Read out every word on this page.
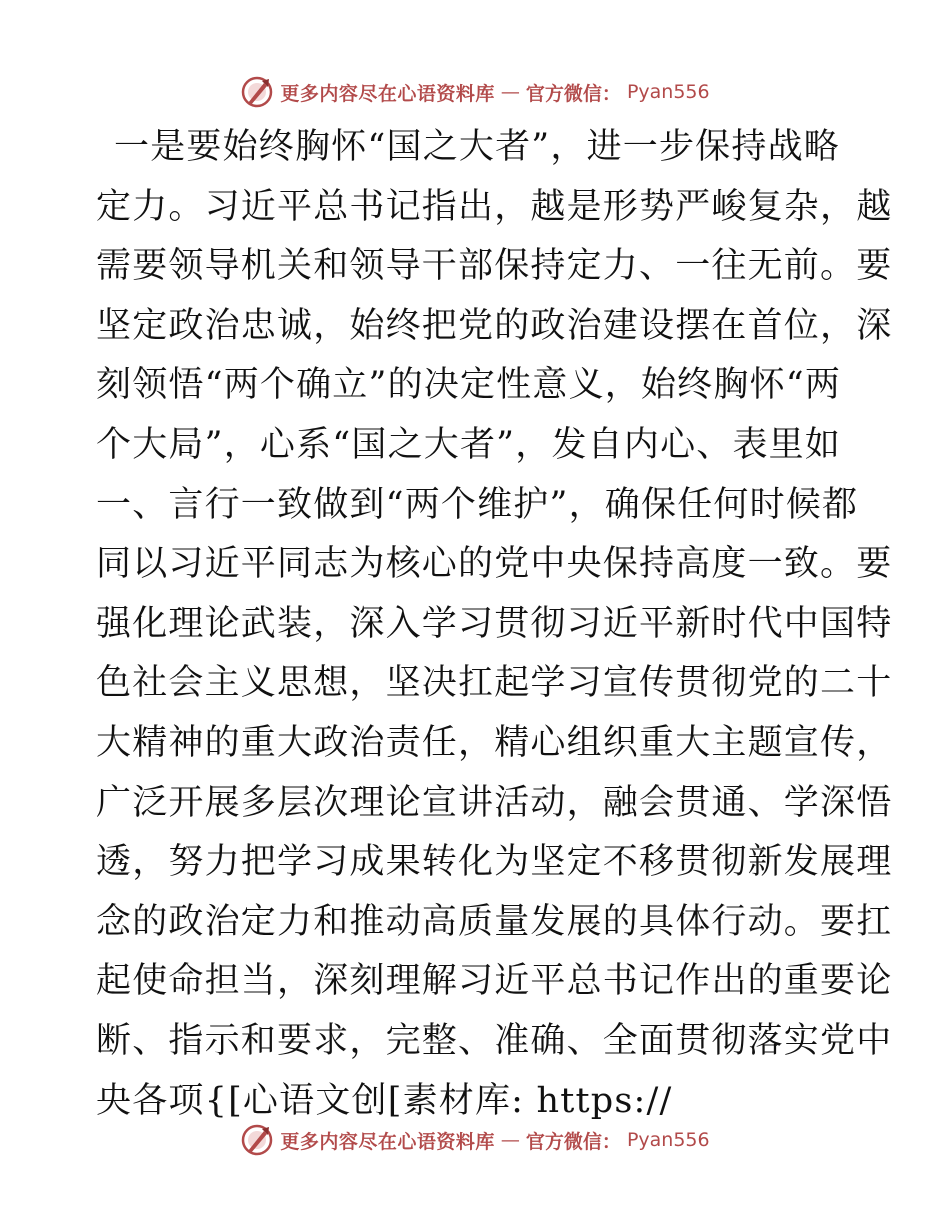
更多内容尽在心语资料库 — 官方微信： Pyan556
一是要始终胸怀“国之大者”，进一步保持战略
定力。习近平总书记指出，越是形势严峻复杂，越
需要领导机关和领导干部保持定力、一往无前。要
坚定政治忠诚，始终把党的政治建设摆在首位，深
刻领悟“两个确立”的决定性意义，始终胸怀“两
个大局”，心系“国之大者”，发自内心、表里如
一、言行一致做到“两个维护”，确保任何时候都
同以习近平同志为核心的党中央保持高度一致。要
强化理论武装，深入学习贯彻习近平新时代中国特
色社会主义思想，坚决扛起学习宣传贯彻党的二十
大精神的重大政治责任，精心组织重大主题宣传，
广泛开展多层次理论宣讲活动，融会贯通、学深悟
透，努力把学习成果转化为坚定不移贯彻新发展理
念的政治定力和推动高质量发展的具体行动。要扛
起使命担当，深刻理解习近平总书记作出的重要论
断、指示和要求，完整、准确、全面贯彻落实党中
央各项{[心语文创[素材库: https://
更多内容尽在心语资料库 — 官方微信： Pyan556
